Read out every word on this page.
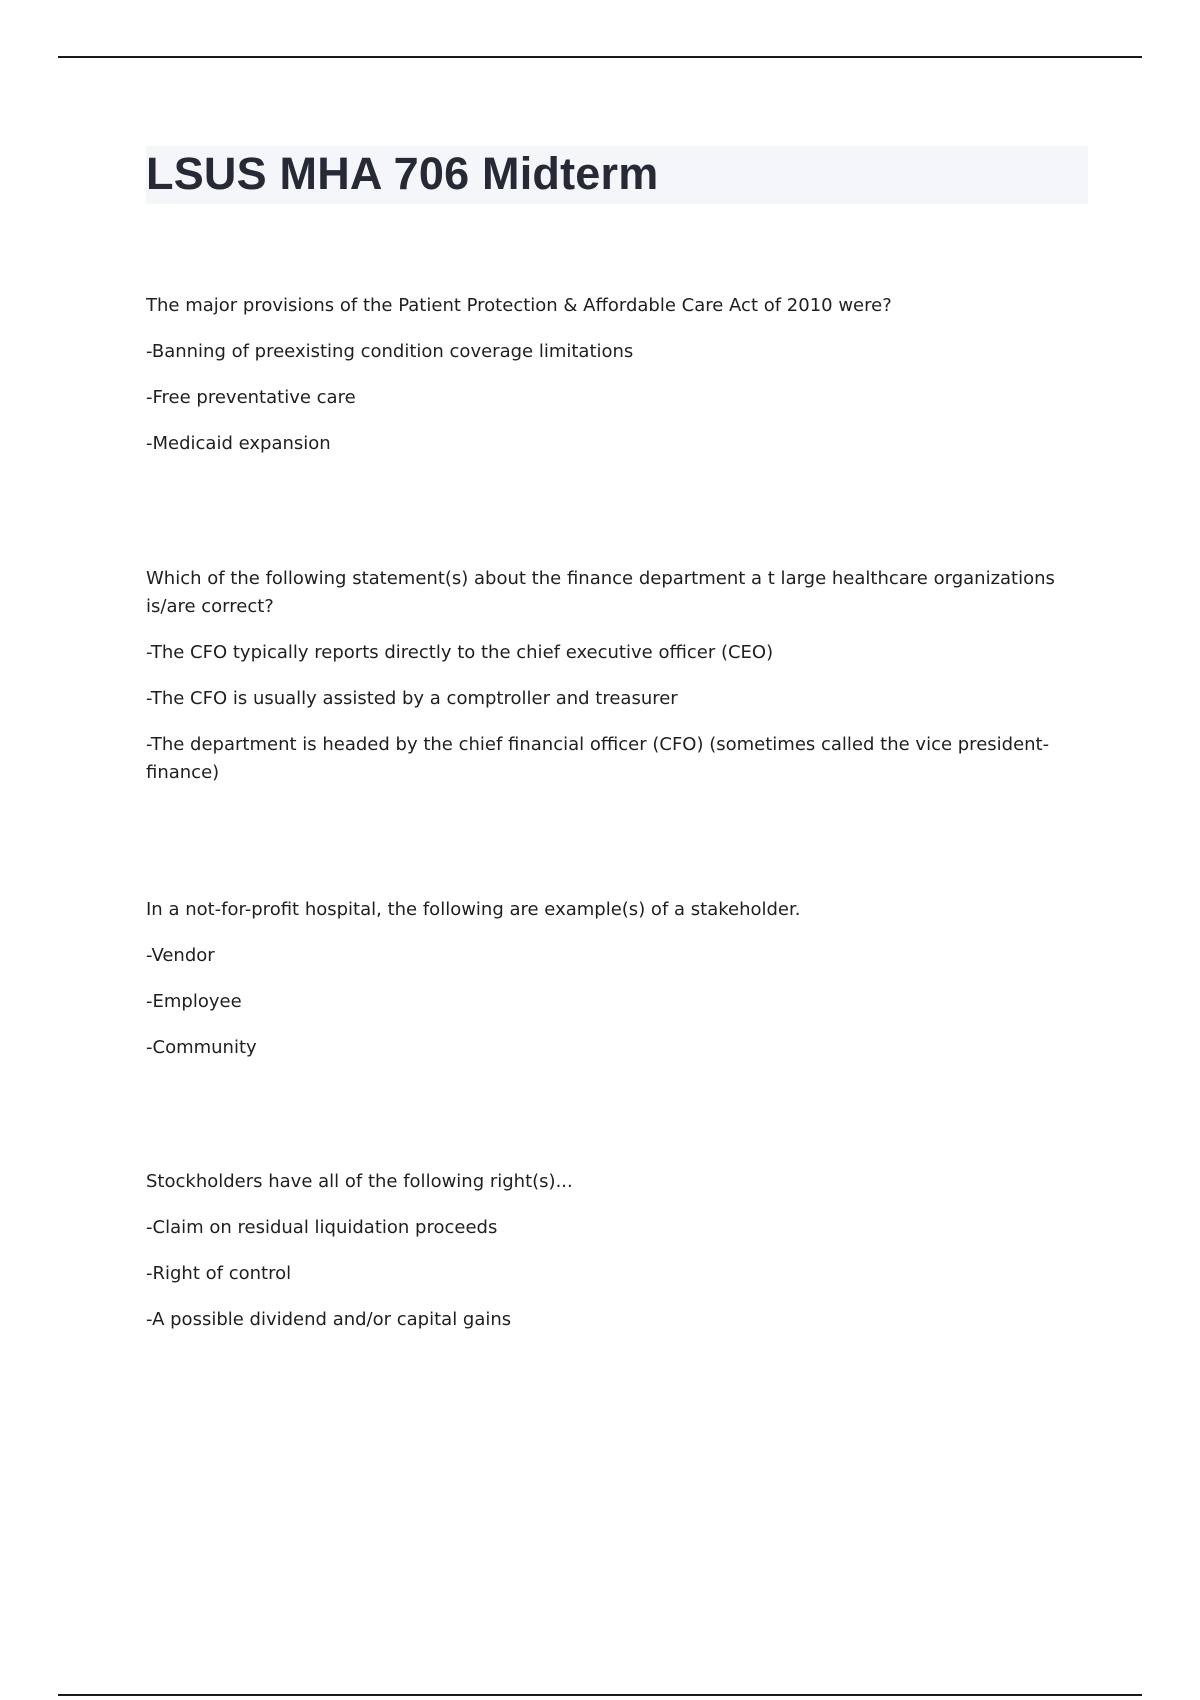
LSUS MHA 706 Midterm

The major provisions of the Patient Protection & Affordable Care Act of 2010 were?

-Banning of preexisting condition coverage limitations

-Free preventative care

-Medicaid expansion

Which of the following statement(s) about the finance department a t large healthcare organizations is/are correct?

-The CFO typically reports directly to the chief executive officer (CEO)

-The CFO is usually assisted by a comptroller and treasurer

-The department is headed by the chief financial officer (CFO) (sometimes called the vice president-finance)

In a not-for-profit hospital, the following are example(s) of a stakeholder.

-Vendor

-Employee

-Community

Stockholders have all of the following right(s)...

-Claim on residual liquidation proceeds

-Right of control

-A possible dividend and/or capital gains
